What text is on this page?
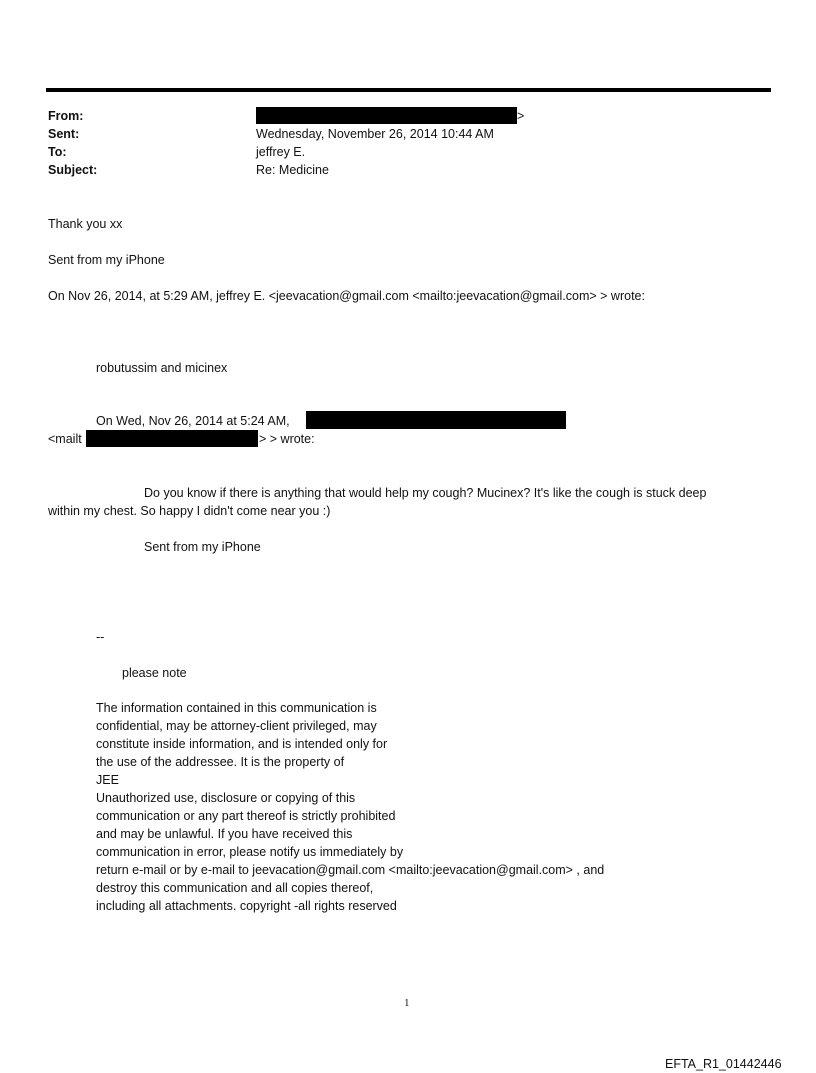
From:	>
Sent:	Wednesday, November 26, 2014 10:44 AM
To:	jeffrey E.
Subject:	Re: Medicine
Thank you xx
Sent from my iPhone
On Nov 26, 2014, at 5:29 AM, jeffrey E. <jeevacation@gmail.com <mailto:jeevacation@gmail.com> > wrote:
robutussim and micinex
On Wed, Nov 26, 2014 at 5:24 AM,
<mailt	> > wrote:
Do you know if there is anything that would help my cough? Mucinex? It's like the cough is stuck deep
within my chest. So happy I didn't come near you :)
Sent from my iPhone
--
please note
The information contained in this communication is
confidential, may be attorney-client privileged, may
constitute inside information, and is intended only for
the use of the addressee. It is the property of
JEE
Unauthorized use, disclosure or copying of this
communication or any part thereof is strictly prohibited
and may be unlawful. If you have received this
communication in error, please notify us immediately by
return e-mail or by e-mail to jeevacation@gmail.com <mailto:jeevacation@gmail.com> , and
destroy this communication and all copies thereof,
including all attachments. copyright -all rights reserved
1
EFTA_R1_01442446
